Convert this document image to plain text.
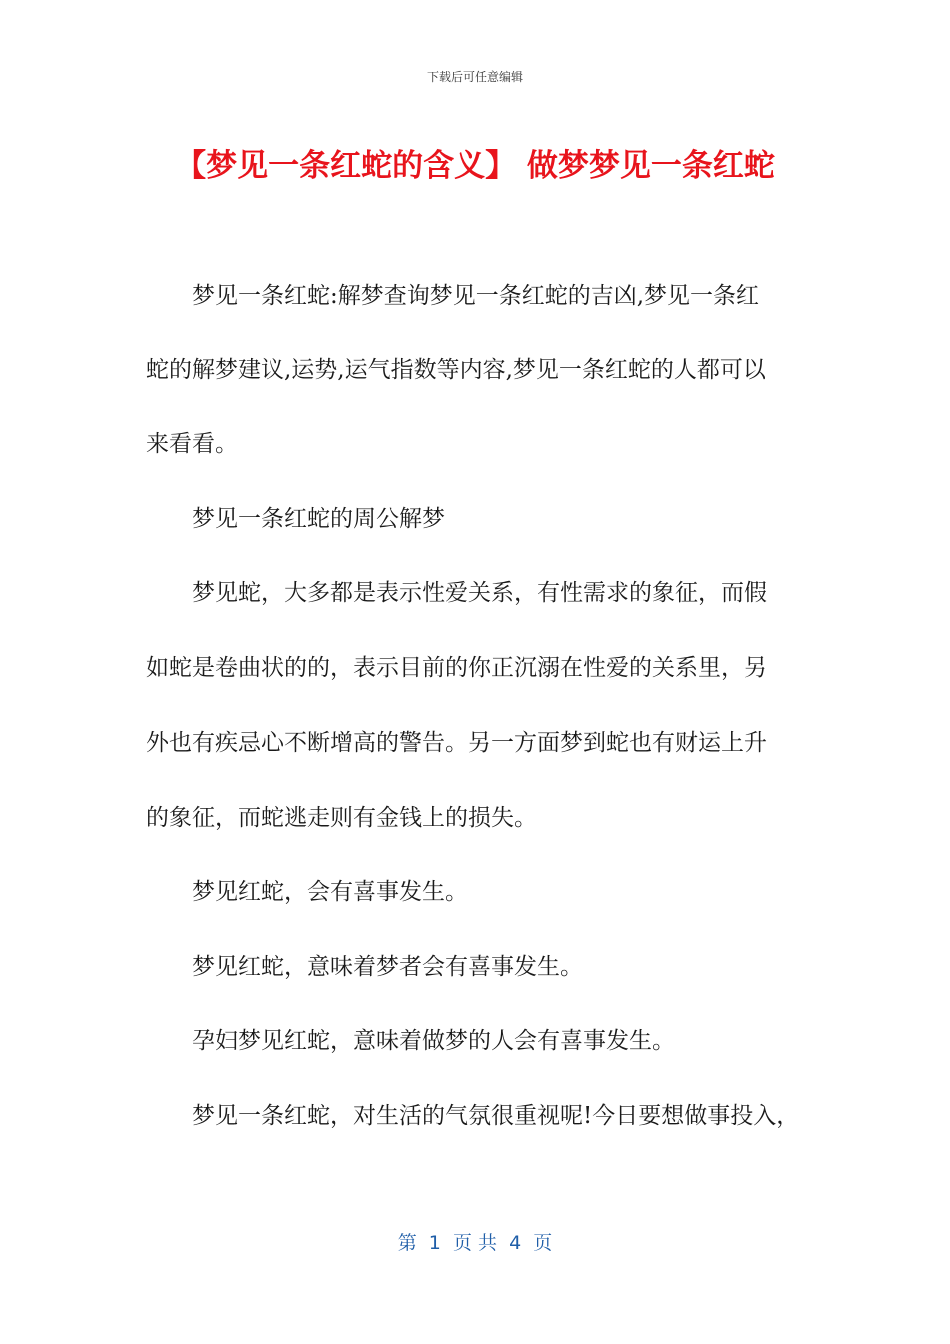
下载后可任意编辑
【梦见一条红蛇的含义】 做梦梦见一条红蛇
　　梦见一条红蛇:解梦查询梦见一条红蛇的吉凶,梦见一条红
蛇的解梦建议,运势,运气指数等内容,梦见一条红蛇的人都可以
来看看。
　　梦见一条红蛇的周公解梦
　　梦见蛇，大多都是表示性爱关系，有性需求的象征，而假
如蛇是卷曲状的的，表示目前的你正沉溺在性爱的关系里，另
外也有疾忌心不断增高的警告。另一方面梦到蛇也有财运上升
的象征，而蛇逃走则有金钱上的损失。
　　梦见红蛇，会有喜事发生。
　　梦见红蛇，意味着梦者会有喜事发生。
　　孕妇梦见红蛇，意味着做梦的人会有喜事发生。
　　梦见一条红蛇，对生活的气氛很重视呢!今日要想做事投入，
第  1  页 共  4  页
